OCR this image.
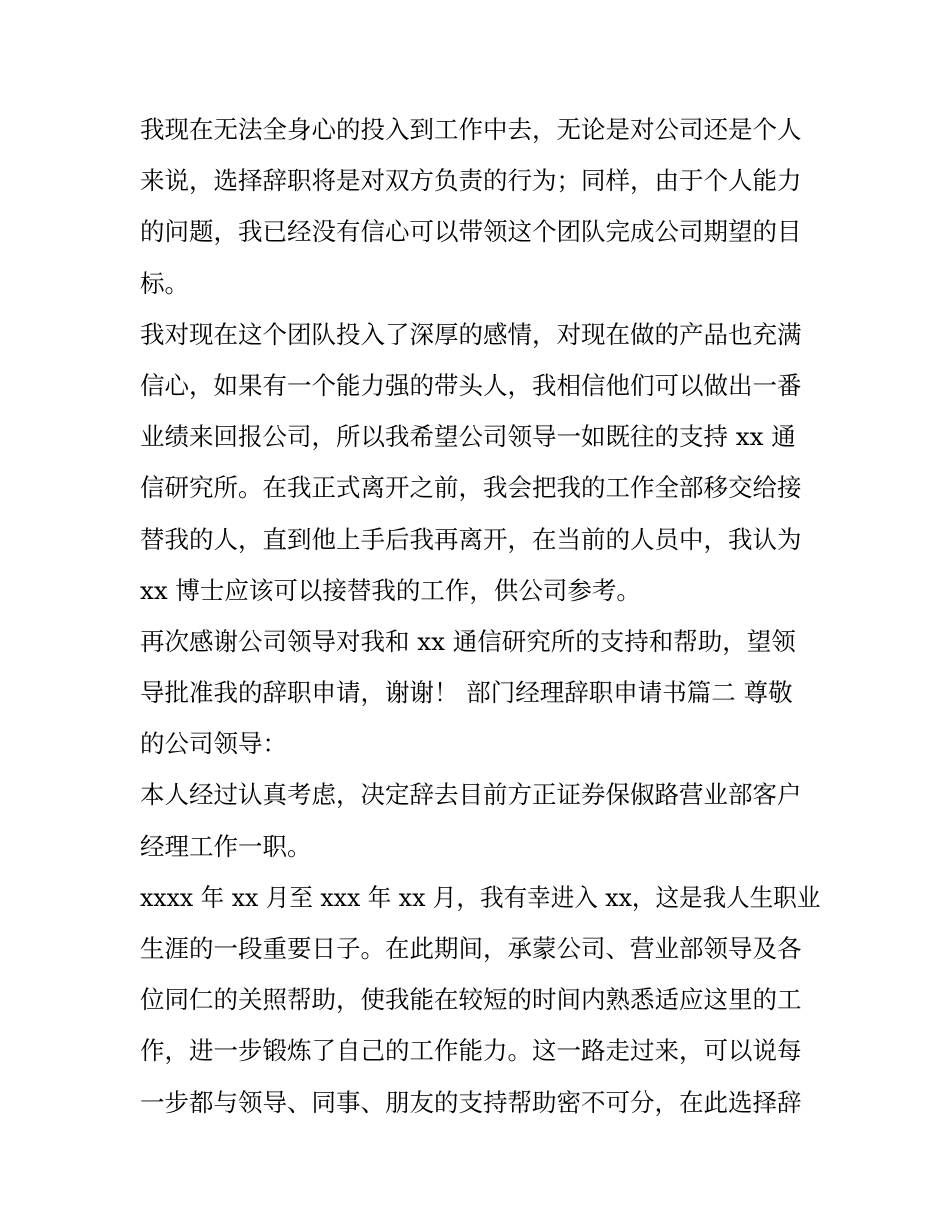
我现在无法全身心的投入到工作中去，无论是对公司还是个人
来说，选择辞职将是对双方负责的行为；同样，由于个人能力
的问题，我已经没有信心可以带领这个团队完成公司期望的目
标。
我对现在这个团队投入了深厚的感情，对现在做的产品也充满
信心，如果有一个能力强的带头人，我相信他们可以做出一番
业绩来回报公司，所以我希望公司领导一如既往的支持 xx 通
信研究所。在我正式离开之前，我会把我的工作全部移交给接
替我的人，直到他上手后我再离开，在当前的人员中，我认为
xx 博士应该可以接替我的工作，供公司参考。
再次感谢公司领导对我和 xx 通信研究所的支持和帮助，望领
导批准我的辞职申请，谢谢！ 部门经理辞职申请书篇二 尊敬
的公司领导：
本人经过认真考虑，决定辞去目前方正证券保俶路营业部客户
经理工作一职。
xxxx 年 xx 月至 xxx 年 xx 月，我有幸进入 xx，这是我人生职业
生涯的一段重要日子。在此期间，承蒙公司、营业部领导及各
位同仁的关照帮助，使我能在较短的时间内熟悉适应这里的工
作，进一步锻炼了自己的工作能力。这一路走过来，可以说每
一步都与领导、同事、朋友的支持帮助密不可分，在此选择辞
